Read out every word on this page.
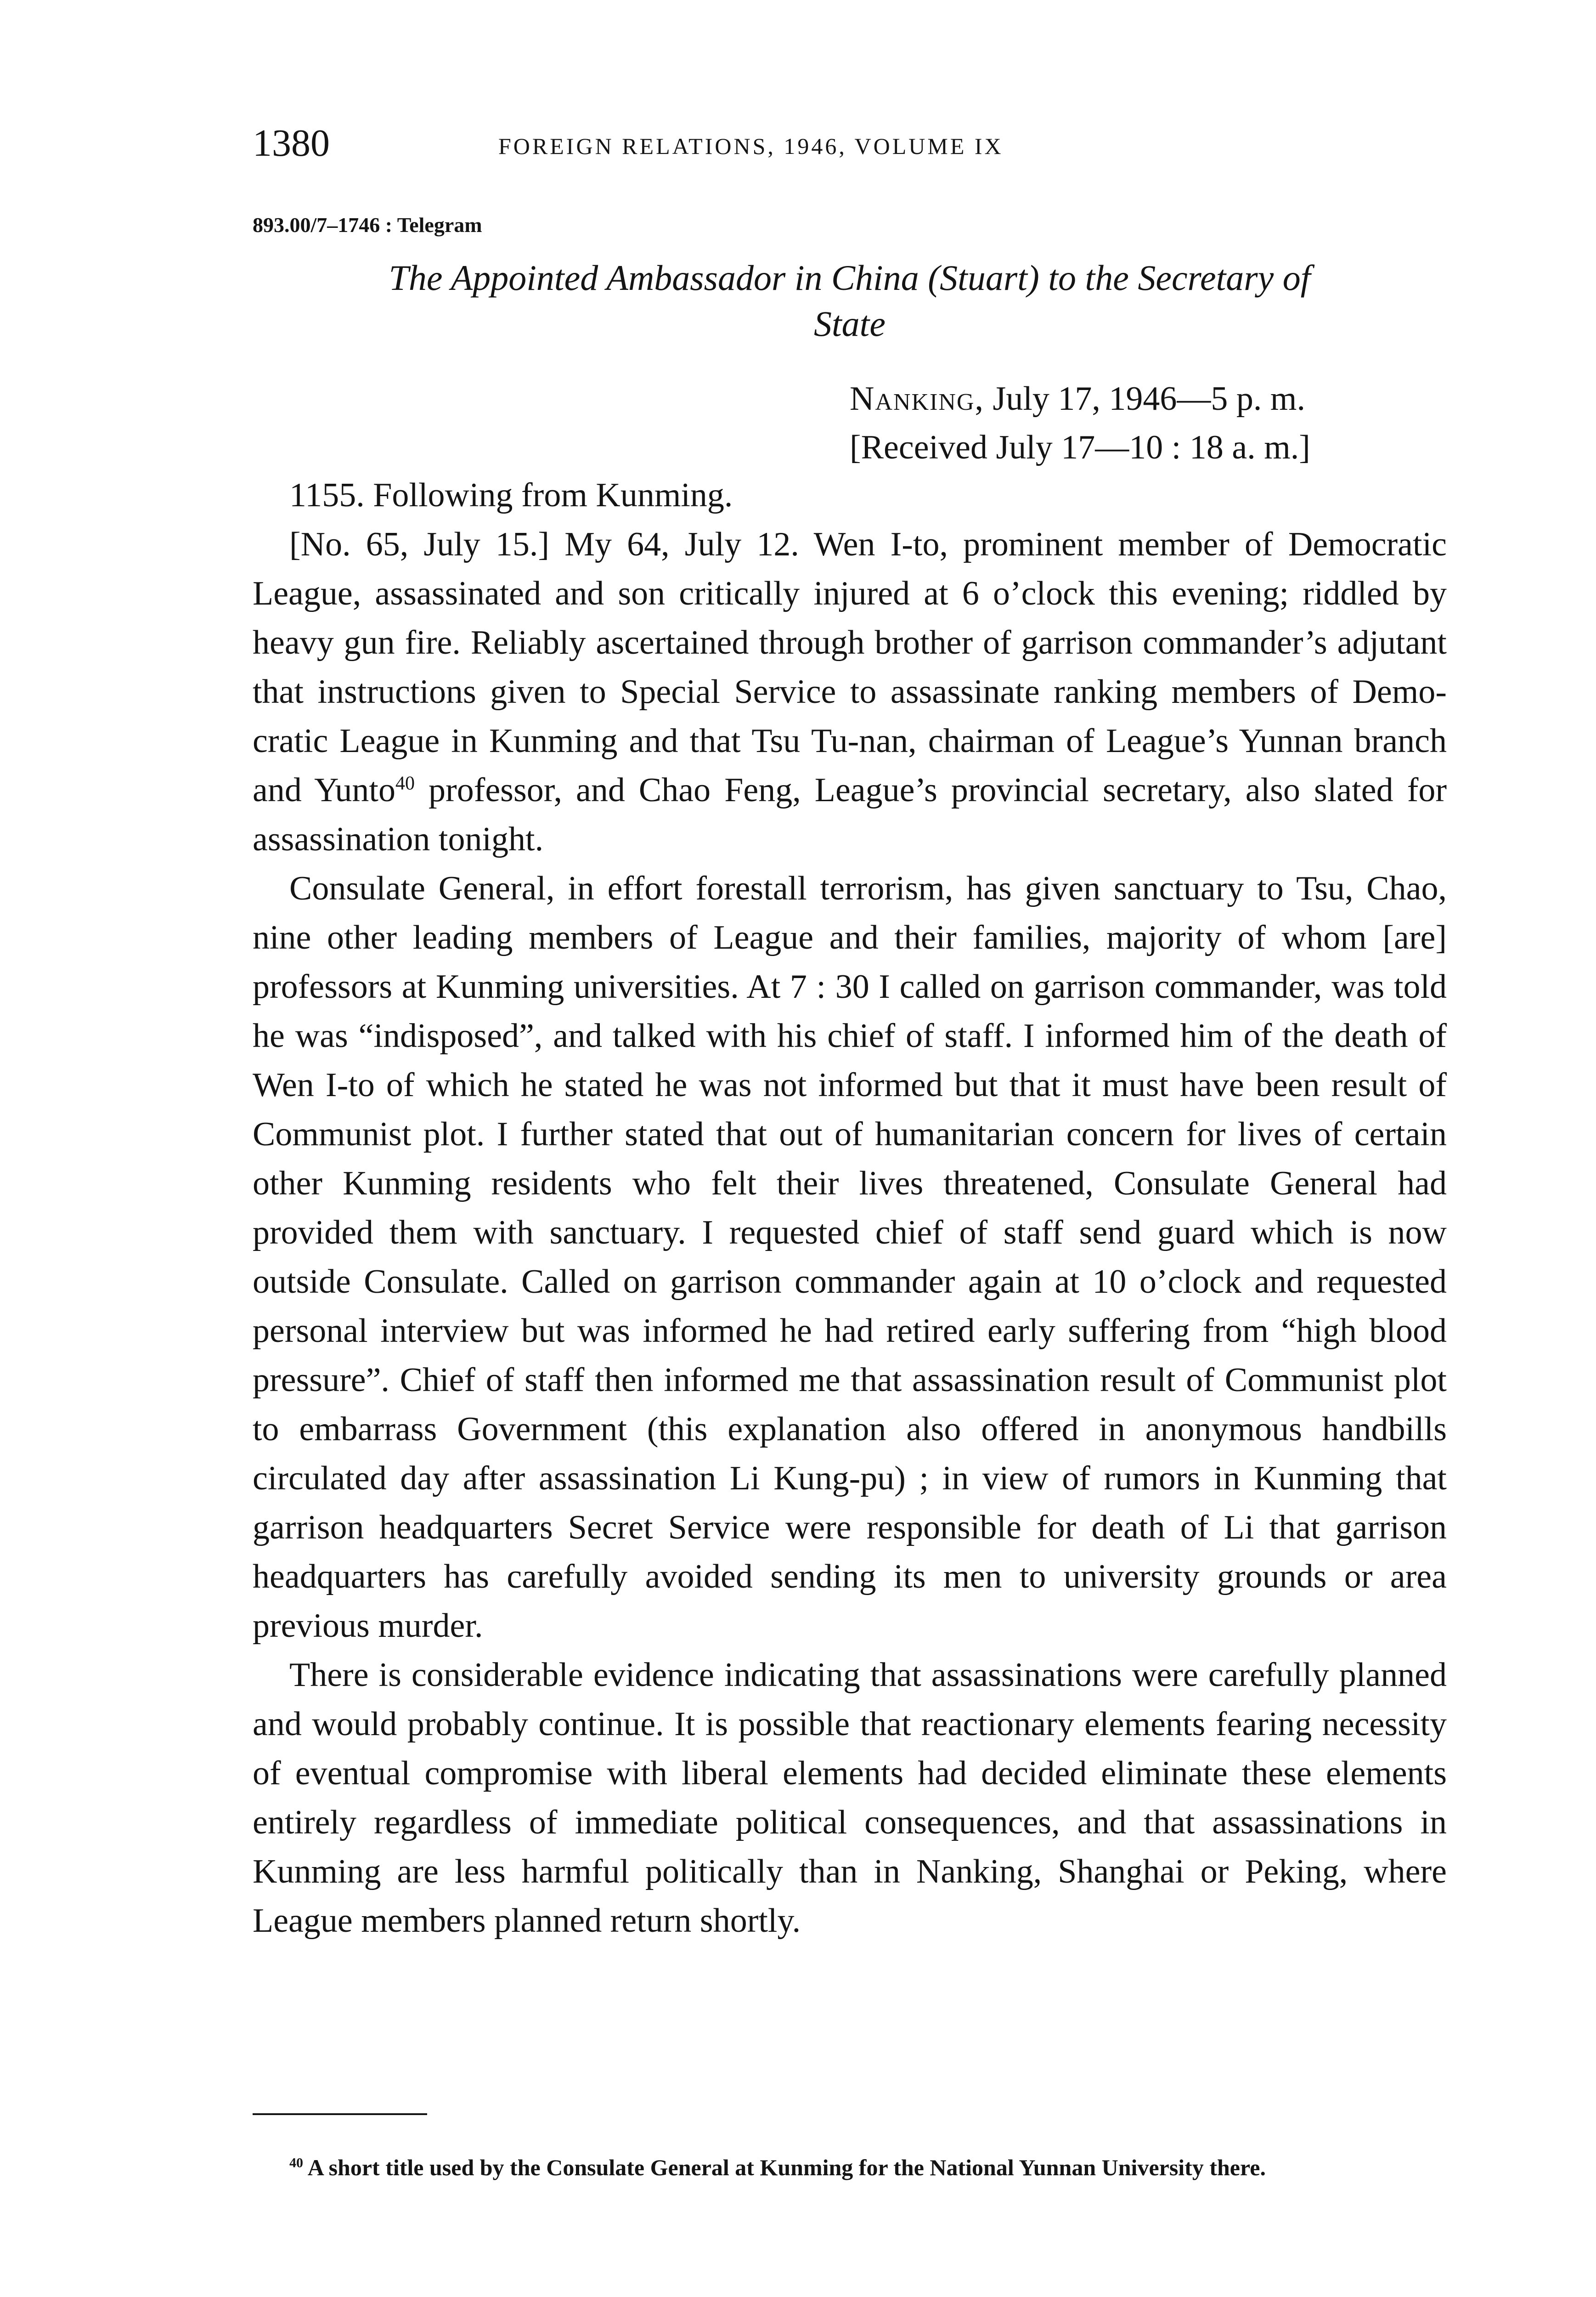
1380	FOREIGN RELATIONS, 1946, VOLUME IX
893.00/7–1746 : Telegram
The Appointed Ambassador in China (Stuart) to the Secretary of
State
Nanking, July 17, 1946—5 p. m.
[Received July 17—10 : 18 a. m.]

1155. Following from Kunming.

[No. 65, July 15.] My 64, July 12. Wen I-to, prominent member of Democratic League, assassinated and son critically injured at 6 o’clock this evening; riddled by heavy gun fire. Reliably ascertained through brother of garrison commander’s adjutant that instructions given to Special Service to assassinate ranking members of Democratic League in Kunming and that Tsu Tu-nan, chairman of League’s Yunnan branch and Yunto$^{40}$ professor, and Chao Feng, League’s provincial secretary, also slated for assassination tonight.

Consulate General, in effort forestall terrorism, has given sanctuary to Tsu, Chao, nine other leading members of League and their families, majority of whom [are] professors at Kunming universities. At 7 : 30 I called on garrison commander, was told he was “indisposed”, and talked with his chief of staff. I informed him of the death of Wen I-to of which he stated he was not informed but that it must have been result of Communist plot. I further stated that out of humanitarian concern for lives of certain other Kunming residents who felt their lives threatened, Consulate General had provided them with sanctuary. I requested chief of staff send guard which is now outside Consulate. Called on garrison commander again at 10 o’clock and requested personal interview but was informed he had retired early suffering from “high blood pressure”. Chief of staff then informed me that assassination result of Communist plot to embarrass Government (this explanation also offered in anonymous handbills circulated day after assassination Li Kung-pu) ; in view of rumors in Kunming that garrison headquarters Secret Service were responsible for death of Li that garrison headquarters has carefully avoided sending its men to university grounds or area previous murder.

There is considerable evidence indicating that assassinations were carefully planned and would probably continue. It is possible that reactionary elements fearing necessity of eventual compromise with liberal elements had decided eliminate these elements entirely regardless of immediate political consequences, and that assassinations in Kunming are less harmful politically than in Nanking, Shanghai or Peking, where League members planned return shortly.

$^{40}$ A short title used by the Consulate General at Kunming for the National Yunnan University there.
